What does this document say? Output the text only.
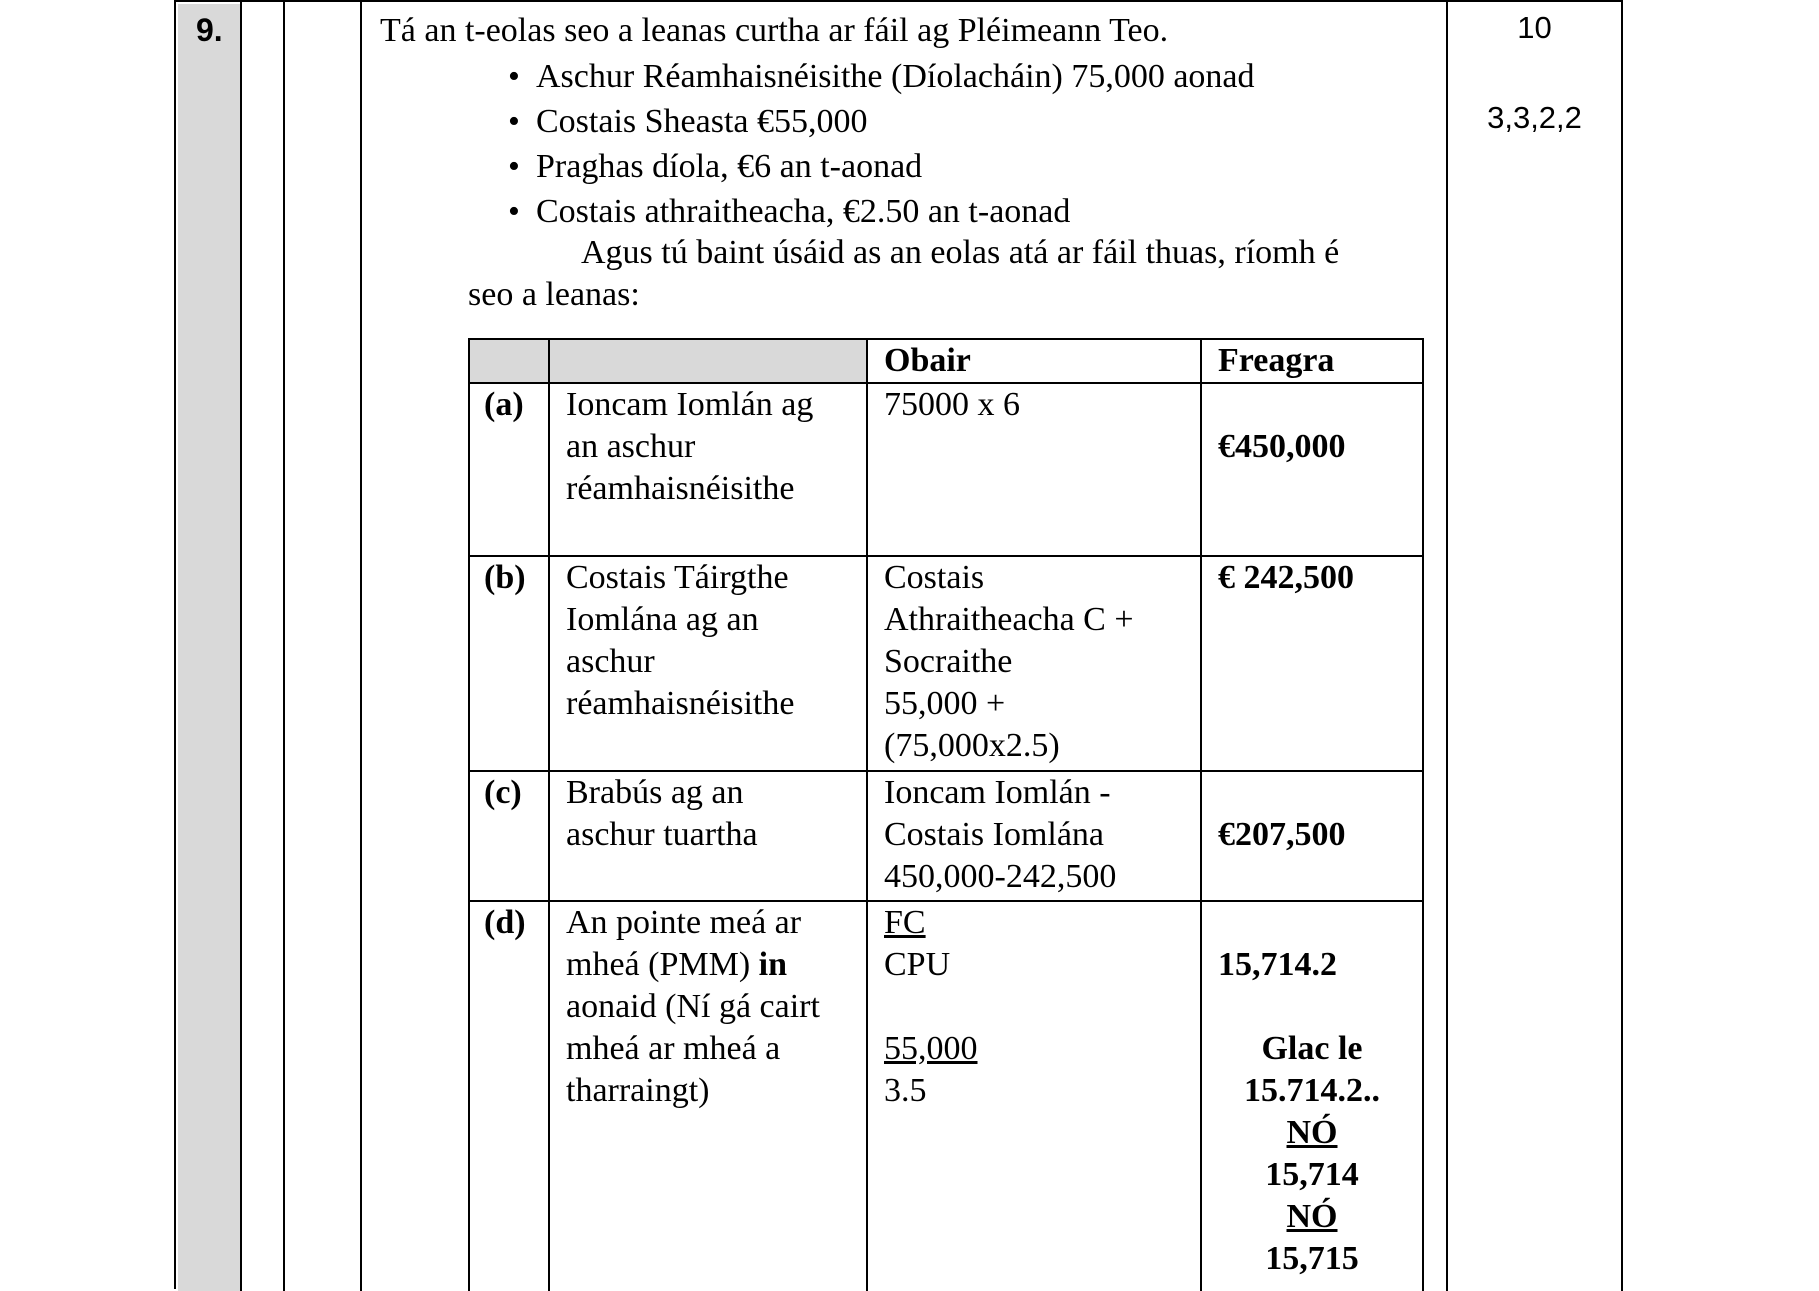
9.	10
3,3,2,2
Tá an t-eolas seo a leanas curtha ar fáil ag Pléimeann Teo.
• Aschur Réamhaisnéisithe (Díolacháin) 75,000 aonad
• Costais Sheasta €55,000
• Praghas díola, €6 an t-aonad
• Costais athraitheacha, €2.50 an t-aonad
Agus tú baint úsáid as an eolas atá ar fáil thuas, ríomh é
seo a leanas:
Obair	Freagra
(a) Ioncam Iomlán ag
an aschur
réamhaisnéisithe
75000 x 6
€450,000
(b) Costais Táirgthe
Iomlána ag an
aschur
réamhaisnéisithe
Costais
Athraitheacha C +
Socraithe
55,000 +
(75,000x2.5)
€ 242,500
(c) Brabús ag an
aschur tuartha
Ioncam Iomlán -
Costais Iomlána
450,000-242,500
€207,500
(d) An pointe meá ar
mheá (PMM) in
aonaid (Ní gá cairt
mheá ar mheá a
tharraingt)
FC
CPU

55,000
3.5
15,714.2
Glac le
15.714.2..
NÓ
15,714
NÓ
15,715
